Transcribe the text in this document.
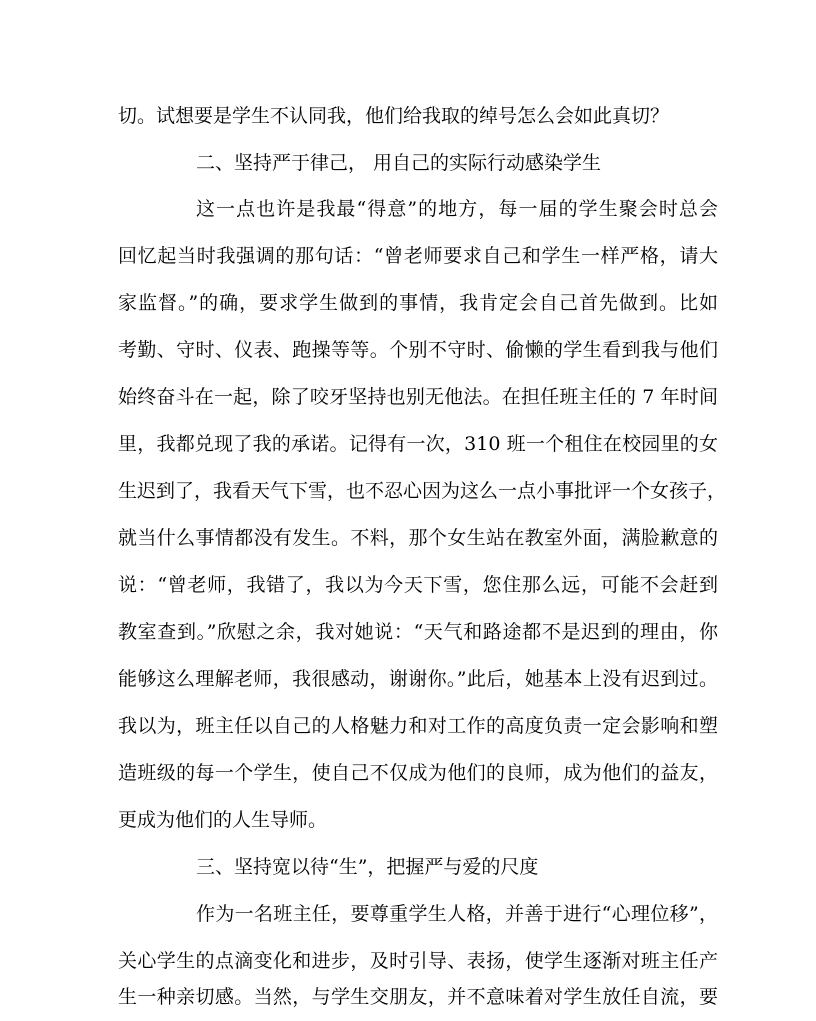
切。试想要是学生不认同我，他们给我取的绰号怎么会如此真切？
二、坚持严于律己， 用自己的实际行动感染学生
这一点也许是我最“得意”的地方，每一届的学生聚会时总会
回忆起当时我强调的那句话：“曾老师要求自己和学生一样严格，请大
家监督。”的确，要求学生做到的事情，我肯定会自己首先做到。比如
考勤、守时、仪表、跑操等等。个别不守时、偷懒的学生看到我与他们
始终奋斗在一起，除了咬牙坚持也别无他法。在担任班主任的 7 年时间
里，我都兑现了我的承诺。记得有一次，310 班一个租住在校园里的女
生迟到了，我看天气下雪，也不忍心因为这么一点小事批评一个女孩子，
就当什么事情都没有发生。不料，那个女生站在教室外面，满脸歉意的
说：“曾老师，我错了，我以为今天下雪，您住那么远，可能不会赶到
教室查到。”欣慰之余，我对她说：“天气和路途都不是迟到的理由，你
能够这么理解老师，我很感动，谢谢你。”此后，她基本上没有迟到过。
我以为，班主任以自己的人格魅力和对工作的高度负责一定会影响和塑
造班级的每一个学生，使自己不仅成为他们的良师，成为他们的益友，
更成为他们的人生导师。
三、坚持宽以待“生”，把握严与爱的尺度
作为一名班主任，要尊重学生人格，并善于进行“心理位移”，
关心学生的点滴变化和进步，及时引导、表扬，使学生逐渐对班主任产
生一种亲切感。当然，与学生交朋友，并不意味着对学生放任自流，要
